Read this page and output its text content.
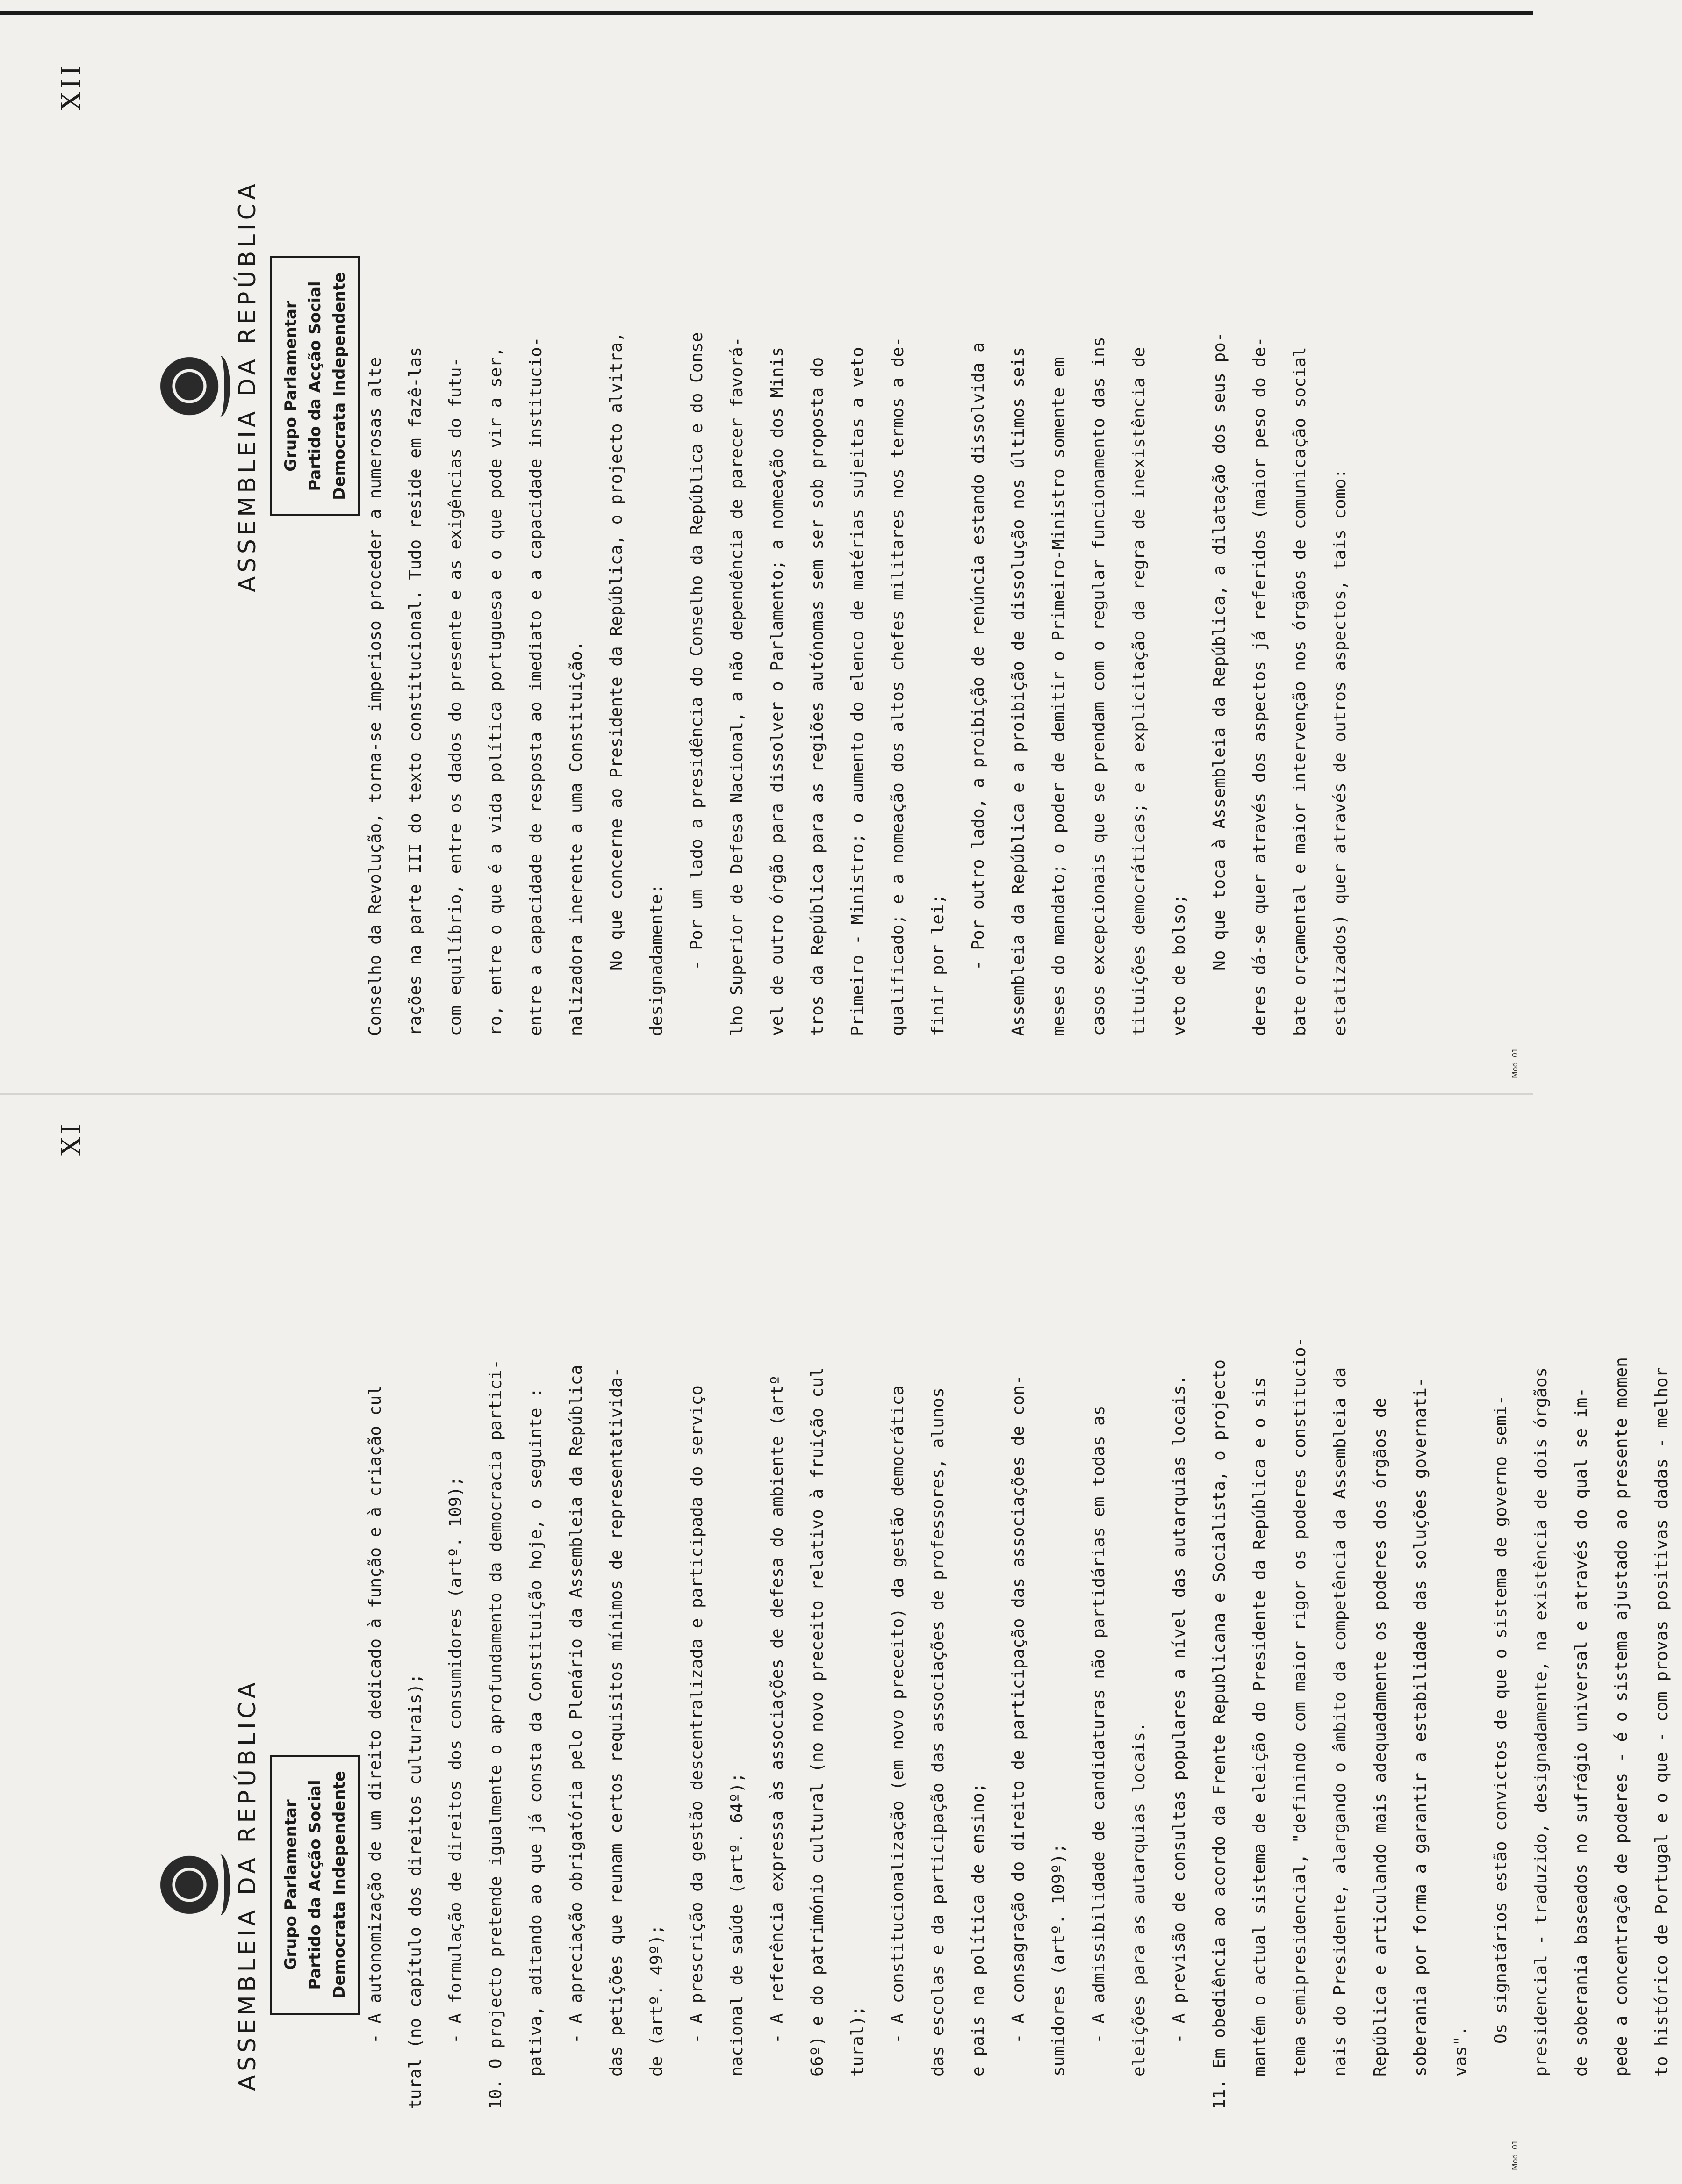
XI
ASSEMBLEIA DA REPÚBLICA Grupo Parlamentar Partido da Acção Social Democrata Independente	- A autonomização de um direito dedicado à função e à criação cul	tural (no capítulo dos direitos culturais);	- A formulação de direitos dos consumidores (artº. 109);	10. O projecto pretende igualmente o aprofundamento da democracia partici-	pativa, aditando ao que já consta da Constituição hoje, o seguinte :	- A apreciação obrigatória pelo Plenário da Assembleia da República	das petições que reunam certos requisitos mínimos de representativida-	de (artº. 49º);	- A prescrição da gestão descentralizada e participada do serviço	nacional de saúde (artº. 64º);	- A referência expressa às associações de defesa do ambiente (artº	66º) e do património cultural (no novo preceito relativo à fruição cul	tural);	- A constitucionalização (em novo preceito) da gestão democrática	das escolas e da participação das associações de professores, alunos	e pais na política de ensino;	- A consagração do direito de participação das associações de con-	sumidores (artº. 109º);	- A admissibilidade de candidaturas não partidárias em todas as	eleições para as autarquias locais.	- A previsão de consultas populares a nível das autarquias locais.	11. Em obediência ao acordo da Frente Republicana e Socialista, o projecto	mantém o actual sistema de eleição do Presidente da República e o sis	tema semipresidencial, "definindo com maior rigor os poderes constitucio-	nais do Presidente, alargando o âmbito da competência da Assembleia da	República e articulando mais adequadamente os poderes dos órgãos de	soberania por forma a garantir a estabilidade das soluções governati-	vas".
Os signatários estão convictos de que o sistema de governo semi-	presidencial - traduzido, designadamente, na existência de dois órgãos	de soberania baseados no sufrágio universal e através do qual se im-	pede a concentração de poderes - é o sistema ajustado ao presente momen	to histórico de Portugal e o que - com provas positivas dadas - melhor
Mod. 01
XII
ASSEMBLEIA DA REPÚBLICA Grupo Parlamentar Partido da Acção Social Democrata Independente	Conselho da Revolução, torna-se imperioso proceder a numerosas alte	rações na parte III do texto constitucional. Tudo reside em fazê-las	com equilíbrio, entre os dados do presente e as exigências do futu-	ro, entre o que é a vida política portuguesa e o que pode vir a ser,	entre a capacidade de resposta ao imediato e a capacidade institucio-	nalizadora inerente a uma Constituição.	No que concerne ao Presidente da República, o projecto alvitra,	designadamente:	- Por um lado a presidência do Conselho da República e do Conse	lho Superior de Defesa Nacional, a não dependência de parecer favorá-	vel de outro órgão para dissolver o Parlamento; a nomeação dos Minis	tros da República para as regiões autónomas sem ser sob proposta do	Primeiro - Ministro; o aumento do elenco de matérias sujeitas a veto	qualificado; e a nomeação dos altos chefes militares nos termos a de-	finir por lei;	- Por outro lado, a proibição de renúncia estando dissolvida a	Assembleia da República e a proibição de dissolução nos últimos seis	meses do mandato; o poder de demitir o Primeiro-Ministro somente em	casos excepcionais que se prendam com o regular funcionamento das ins	tituições democráticas; e a explicitação da regra de inexistência de	veto de bolso;	No que toca à Assembleia da República, a dilatação dos seus po-	deres dá-se quer através dos aspectos já referidos (maior peso do de-	bate orçamental e maior intervenção nos órgãos de comunicação social	estatizados) quer através de outros aspectos, tais como:
Mod. 01
